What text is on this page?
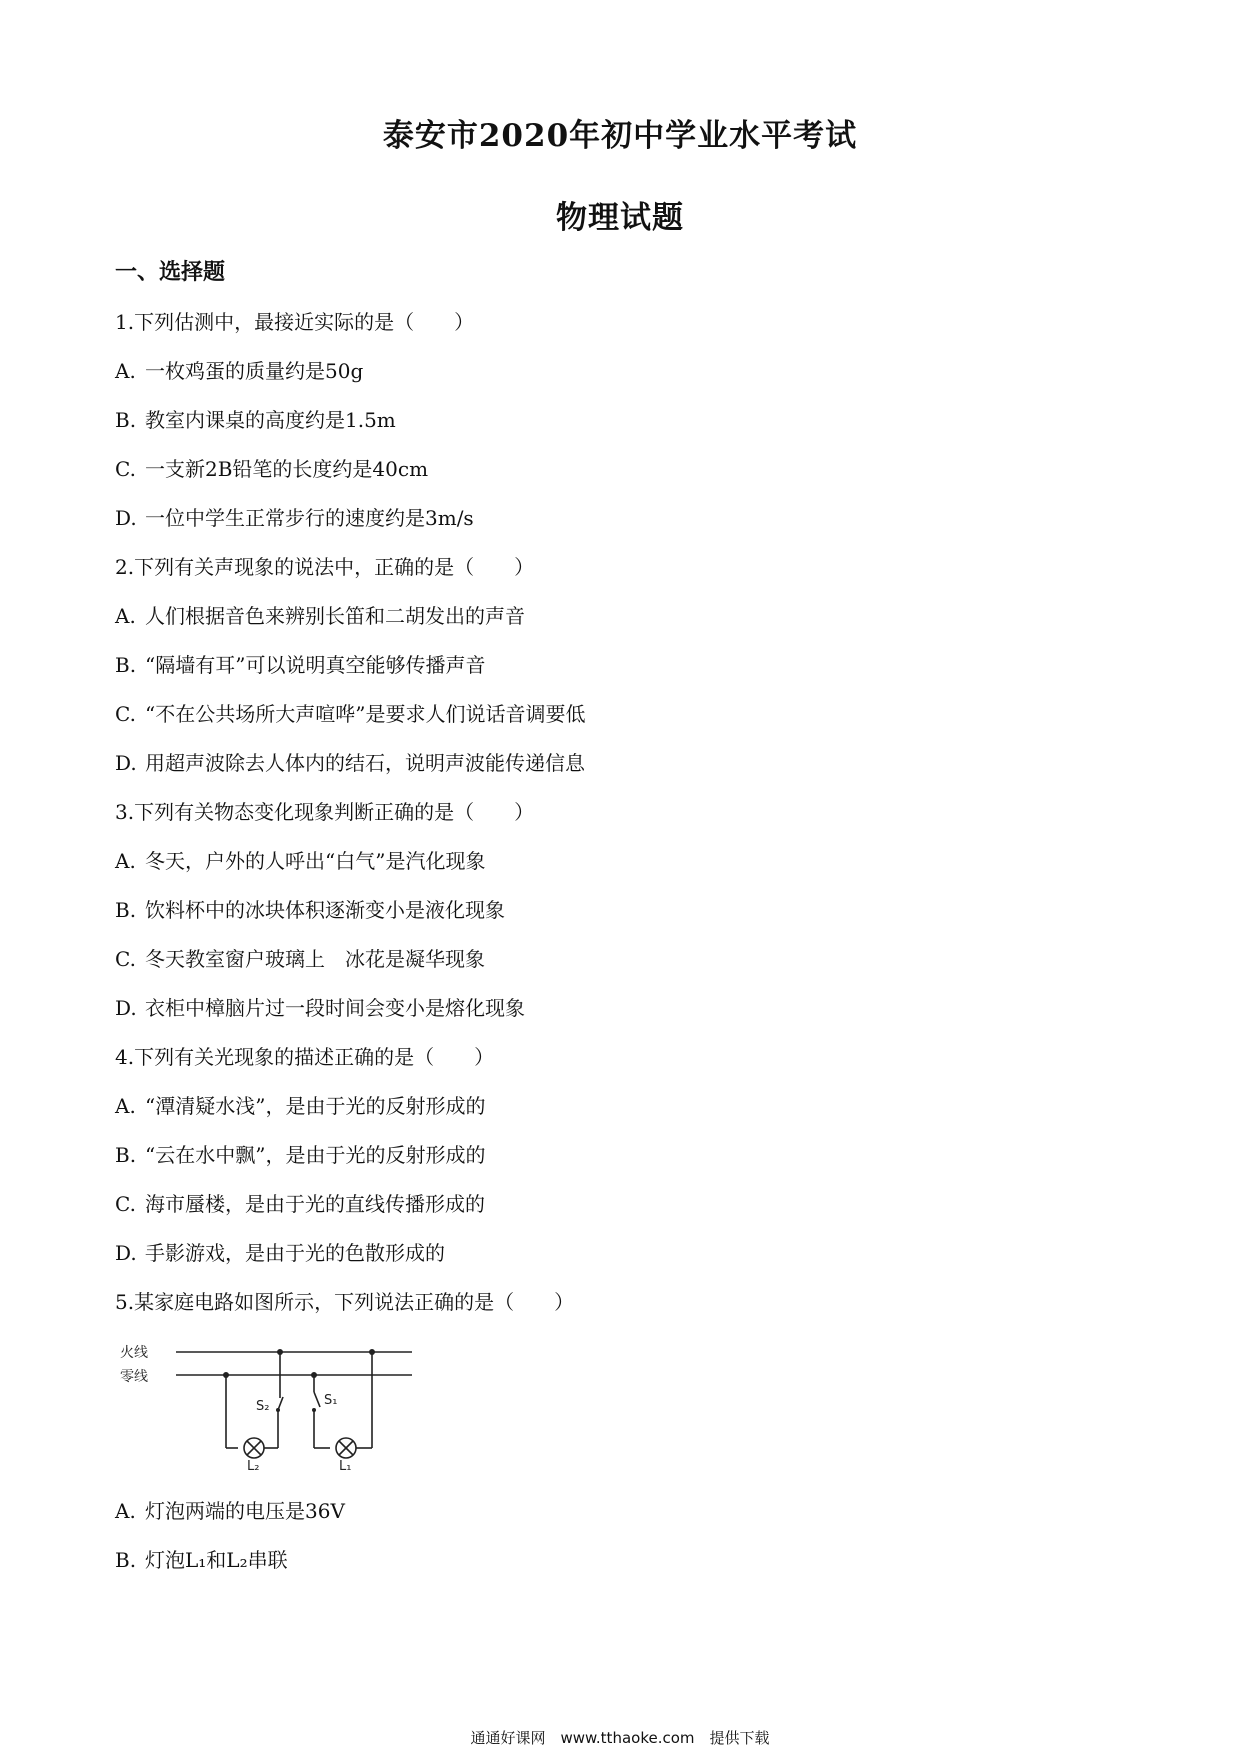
泰安市2020年初中学业水平考试
物理试题
一、选择题
1.下列估测中，最接近实际的是（　　）
A. 一枚鸡蛋的质量约是50g
B. 教室内课桌的高度约是1.5m
C. 一支新2B铅笔的长度约是40cm
D. 一位中学生正常步行的速度约是3m/s
2.下列有关声现象的说法中，正确的是（　　）
A. 人们根据音色来辨别长笛和二胡发出的声音
B. “隔墙有耳”可以说明真空能够传播声音
C. “不在公共场所大声喧哗”是要求人们说话音调要低
D. 用超声波除去人体内的结石，说明声波能传递信息
3.下列有关物态变化现象判断正确的是（　　）
A. 冬天，户外的人呼出“白气”是汽化现象
B. 饮料杯中的冰块体积逐渐变小是液化现象
C. 冬天教室窗户玻璃上　冰花是凝华现象
D. 衣柜中樟脑片过一段时间会变小是熔化现象
4.下列有关光现象的描述正确的是（　　）
A. “潭清疑水浅”，是由于光的反射形成的
B. “云在水中飘”，是由于光的反射形成的
C. 海市蜃楼，是由于光的直线传播形成的
D. 手影游戏，是由于光的色散形成的
5.某家庭电路如图所示，下列说法正确的是（　　）
火线
零线
S₂	S₁
L₂	L₁
A. 灯泡两端的电压是36V
B. 灯泡L₁和L₂串联
通通好课网　www.tthaoke.com　提供下载
